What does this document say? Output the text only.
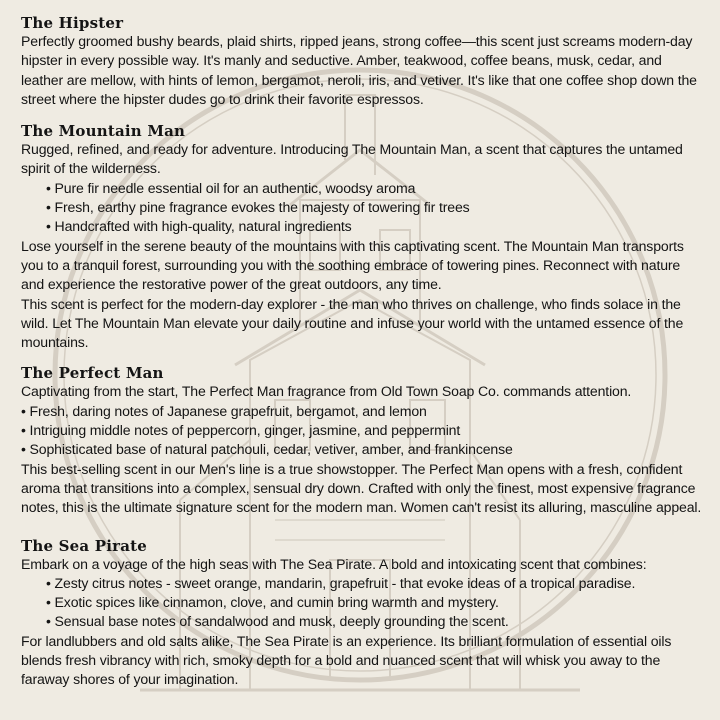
The Hipster

Perfectly groomed bushy beards, plaid shirts, ripped jeans, strong coffee—this scent just screams modern-day hipster in every possible way. It's manly and seductive. Amber, teakwood, coffee beans, musk, cedar, and leather are mellow, with hints of lemon, bergamot, neroli, iris, and vetiver. It's like that one coffee shop down the street where the hipster dudes go to drink their favorite espressos.

The Mountain Man

Rugged, refined, and ready for adventure. Introducing The Mountain Man, a scent that captures the untamed spirit of the wilderness.

• Pure fir needle essential oil for an authentic, woodsy aroma
• Fresh, earthy pine fragrance evokes the majesty of towering fir trees
• Handcrafted with high-quality, natural ingredients

Lose yourself in the serene beauty of the mountains with this captivating scent. The Mountain Man transports you to a tranquil forest, surrounding you with the soothing embrace of towering pines. Reconnect with nature and experience the restorative power of the great outdoors, any time.

This scent is perfect for the modern-day explorer - the man who thrives on challenge, who finds solace in the wild. Let The Mountain Man elevate your daily routine and infuse your world with the untamed essence of the mountains.

The Perfect Man

Captivating from the start, The Perfect Man fragrance from Old Town Soap Co. commands attention.

• Fresh, daring notes of Japanese grapefruit, bergamot, and lemon
• Intriguing middle notes of peppercorn, ginger, jasmine, and peppermint
• Sophisticated base of natural patchouli, cedar, vetiver, amber, and frankincense

This best-selling scent in our Men's line is a true showstopper. The Perfect Man opens with a fresh, confident aroma that transitions into a complex, sensual dry down. Crafted with only the finest, most expensive fragrance notes, this is the ultimate signature scent for the modern man. Women can't resist its alluring, masculine appeal.

The Sea Pirate

Embark on a voyage of the high seas with The Sea Pirate. A bold and intoxicating scent that combines:

• Zesty citrus notes - sweet orange, mandarin, grapefruit - that evoke ideas of a tropical paradise.
• Exotic spices like cinnamon, clove, and cumin bring warmth and mystery.
• Sensual base notes of sandalwood and musk, deeply grounding the scent.

For landlubbers and old salts alike, The Sea Pirate is an experience. Its brilliant formulation of essential oils blends fresh vibrancy with rich, smoky depth for a bold and nuanced scent that will whisk you away to the faraway shores of your imagination.
